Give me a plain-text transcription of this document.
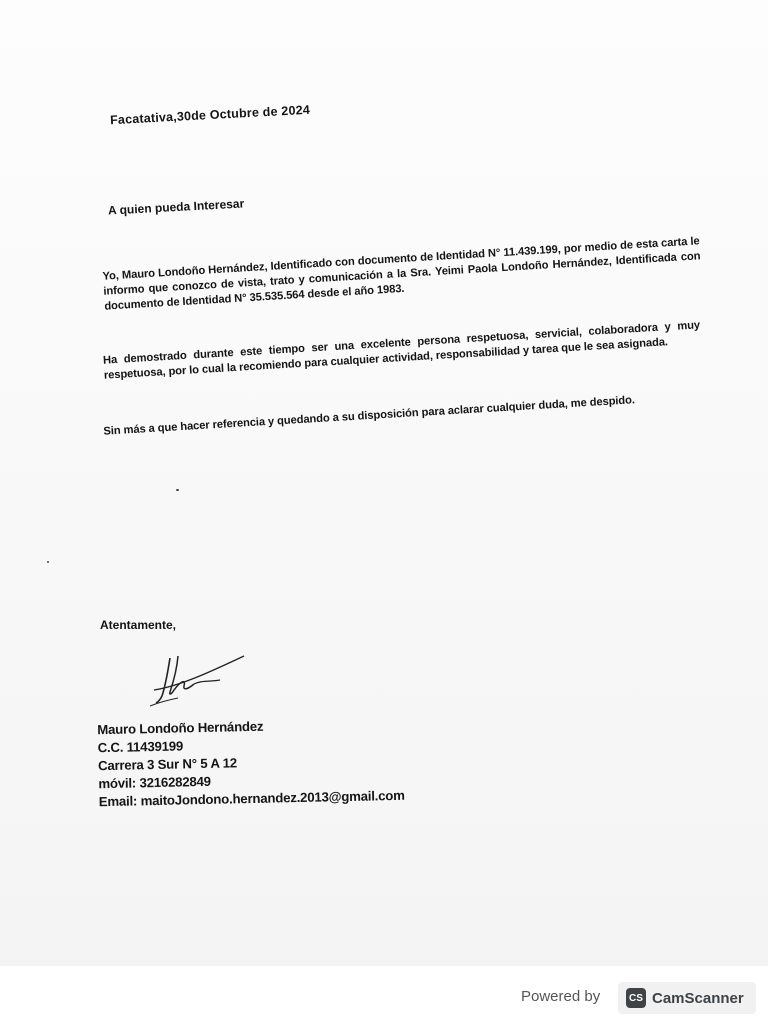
Facatativa,30de Octubre de 2024
A quien pueda Interesar

Yo, Mauro Londoño Hernández, Identificado con documento de Identidad N° 11.439.199, por medio de esta carta le informo que conozco de vista, trato y comunicación a la Sra. Yeimi Paola Londoño Hernández, Identificada con documento de Identidad N° 35.535.564 desde el año 1983.

Ha demostrado durante este tiempo ser una excelente persona respetuosa, servicial, colaboradora y muy respetuosa, por lo cual la recomiendo para cualquier actividad, responsabilidad y tarea que le sea asignada.

Sin más a que hacer referencia y quedando a su disposición para aclarar cualquier duda, me despido.

Atentamente,
Mauro Londoño Hernández
C.C. 11439199
Carrera 3 Sur N° 5 A 12
móvil: 3216282849
Email: maitoJondono.hernandez.2013@gmail.com
Powered by	CS CamScanner
